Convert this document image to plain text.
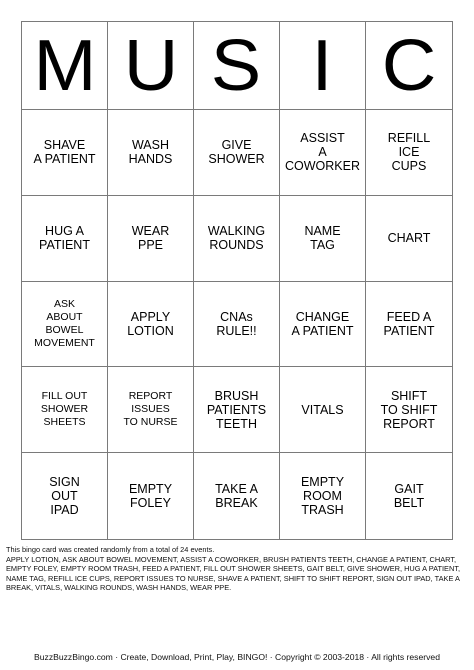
M U S I C
SHAVE
A PATIENT
WASH
HANDS
GIVE
SHOWER
ASSIST
A
COWORKER
REFILL
ICE
CUPS
HUG A
PATIENT
WEAR
PPE
WALKING
ROUNDS
NAME
TAG	CHART
ASK
ABOUT
BOWEL
MOVEMENT
APPLY
LOTION
CNAs
RULE!!
CHANGE
A PATIENT
FEED A
PATIENT
FILL OUT
SHOWER
SHEETS
REPORT
ISSUES
TO NURSE
BRUSH
PATIENTS
TEETH
VITALS
SHIFT
TO SHIFT
REPORT
SIGN
OUT
IPAD
EMPTY
FOLEY
TAKE A
BREAK
EMPTY
ROOM
TRASH
GAIT
BELT
This bingo card was created randomly from a total of 24 events.
APPLY LOTION, ASK ABOUT BOWEL MOVEMENT, ASSIST A COWORKER, BRUSH PATIENTS TEETH, CHANGE A PATIENT, CHART, EMPTY FOLEY, EMPTY ROOM TRASH, FEED A PATIENT, FILL OUT SHOWER SHEETS, GAIT BELT, GIVE SHOWER, HUG A PATIENT, NAME TAG, REFILL ICE CUPS, REPORT ISSUES TO NURSE, SHAVE A PATIENT, SHIFT TO SHIFT REPORT, SIGN OUT IPAD, TAKE A BREAK, VITALS, WALKING ROUNDS, WASH HANDS, WEAR PPE.
BuzzBuzzBingo.com · Create, Download, Print, Play, BINGO! · Copyright © 2003-2018 · All rights reserved
